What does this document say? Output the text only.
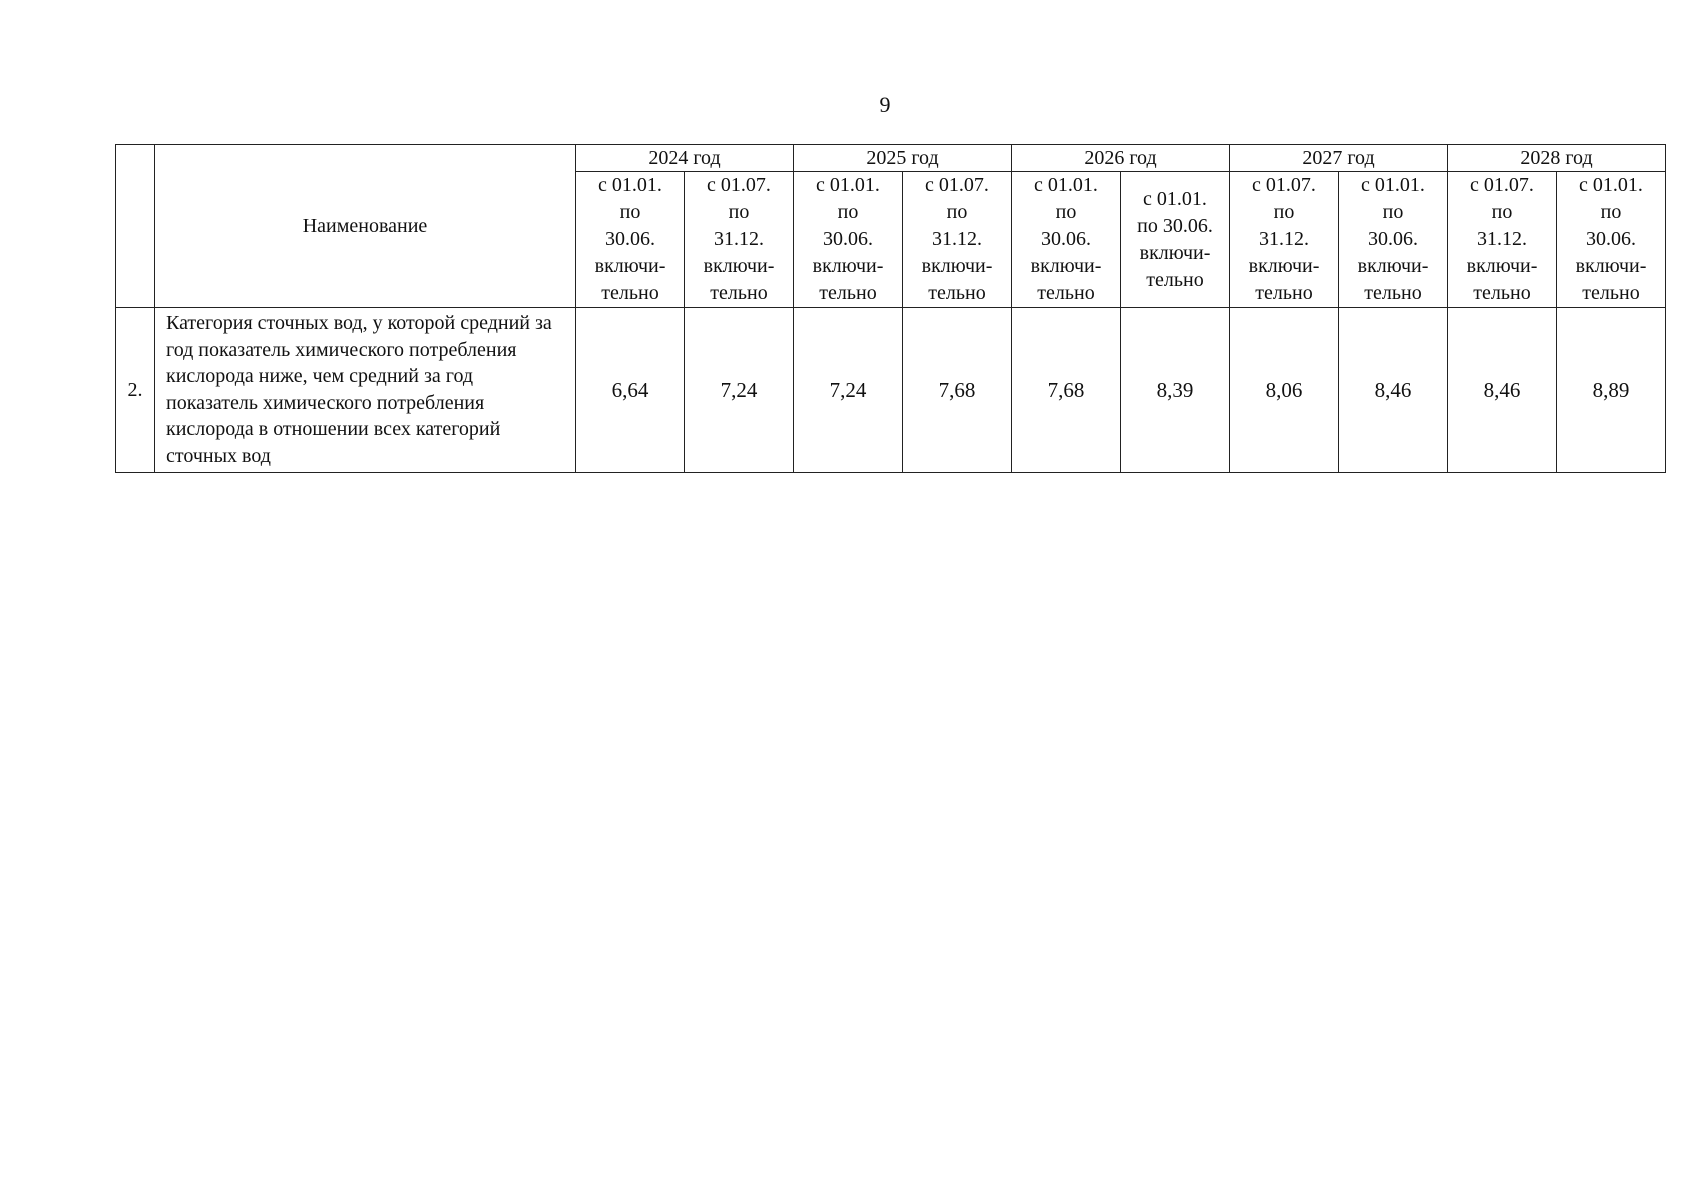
9
	Наименование	2024 год		2025 год		2026 год		2027 год		2028 год	

		с 01.01.
по
30.06.
включи-
тельно	с 01.07.
по
31.12.
включи-
тельно	с 01.01.
по
30.06.
включи-
тельно	с 01.07.
по
31.12.
включи-
тельно	с 01.01.
по
30.06.
включи-
тельно	с 01.01.
по 30.06.
включи-
тельно	с 01.07.
по
31.12.
включи-
тельно	с 01.01.
по
30.06.
включи-
тельно	с 01.07.
по
31.12.
включи-
тельно	с 01.01.
по
30.06.
включи-
тельно

2.	Категория сточных вод, у которой средний за год показатель химического потребления кислорода ниже, чем средний за год показатель химического потребления кислорода в отношении всех категорий сточных вод	6,64	7,24	7,24	7,68	7,68	8,39	8,06	8,46	8,46	8,89
